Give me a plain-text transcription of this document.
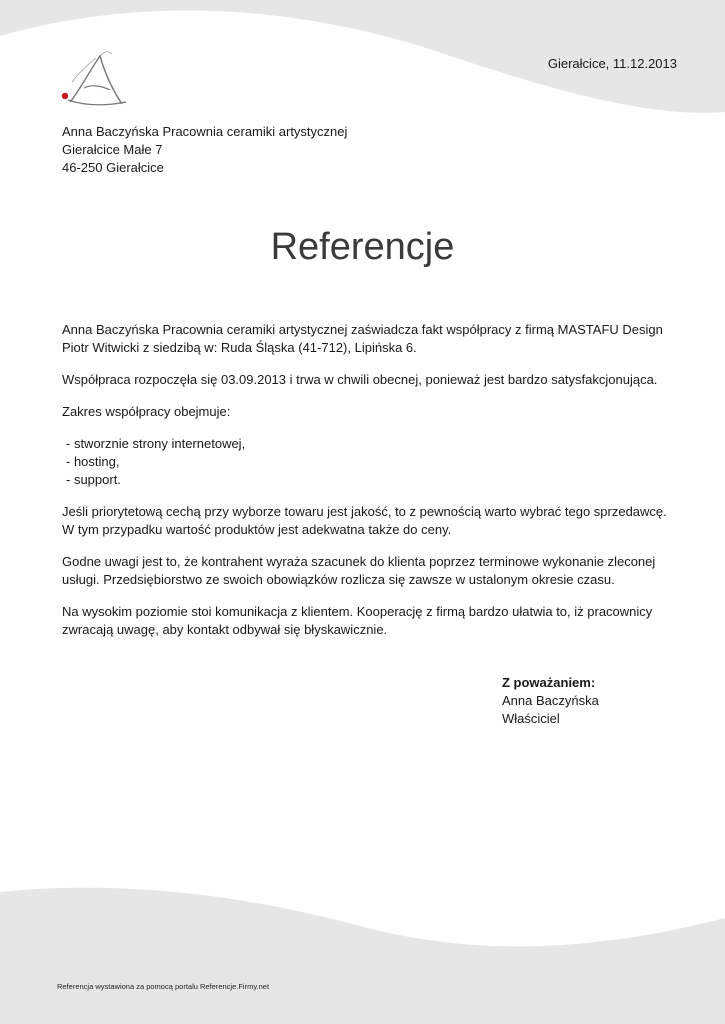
Gierałcice, 11.12.2013
Anna Baczyńska Pracownia ceramiki artystycznej
Gierałcice Małe 7
46-250 Gierałcice
Referencje

Anna Baczyńska Pracownia ceramiki artystycznej zaświadcza fakt współpracy z firmą MASTAFU Design Piotr Witwicki z siedzibą w: Ruda Śląska (41-712), Lipińska 6.

Współpraca rozpoczęła się 03.09.2013 i trwa w chwili obecnej, ponieważ jest bardzo satysfakcjonująca.

Zakres współpracy obejmuje:

- stworznie strony internetowej,
- hosting,
- support.

Jeśli priorytetową cechą przy wyborze towaru jest jakość, to z pewnością warto wybrać tego sprzedawcę. W tym przypadku wartość produktów jest adekwatna także do ceny.

Godne uwagi jest to, że kontrahent wyraża szacunek do klienta poprzez terminowe wykonanie zleconej usługi. Przedsiębiorstwo ze swoich obowiązków rozlicza się zawsze w ustalonym okresie czasu.

Na wysokim poziomie stoi komunikacja z klientem. Kooperację z firmą bardzo ułatwia to, iż pracownicy zwracają uwagę, aby kontakt odbywał się błyskawicznie.

Z poważaniem:
Anna Baczyńska
Właściciel
Referencja wystawiona za pomocą portalu Referencje.Firmy.net
